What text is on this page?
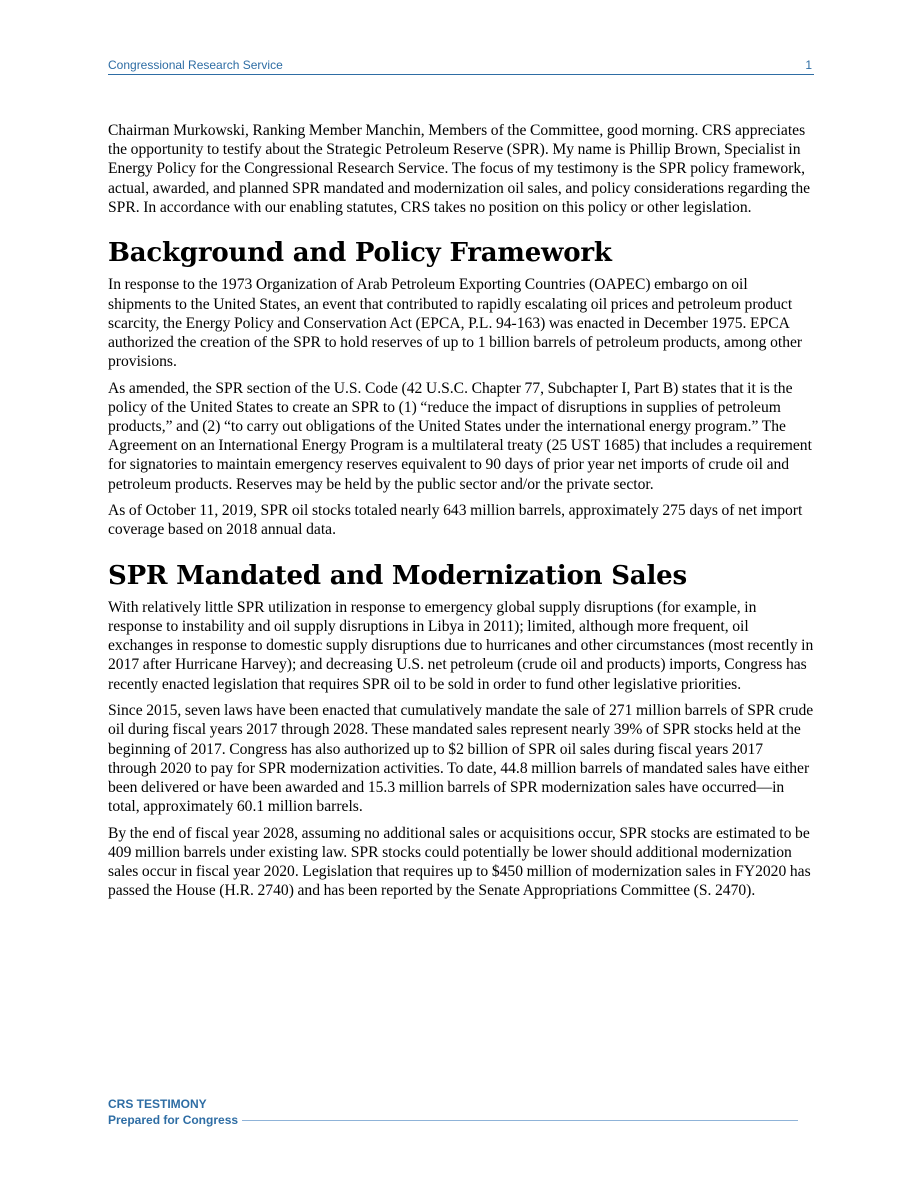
Congressional Research Service	1

Chairman Murkowski, Ranking Member Manchin, Members of the Committee, good morning. CRS appreciates the opportunity to testify about the Strategic Petroleum Reserve (SPR). My name is Phillip Brown, Specialist in Energy Policy for the Congressional Research Service. The focus of my testimony is the SPR policy framework, actual, awarded, and planned SPR mandated and modernization oil sales, and policy considerations regarding the SPR. In accordance with our enabling statutes, CRS takes no position on this policy or other legislation.

Background and Policy Framework

In response to the 1973 Organization of Arab Petroleum Exporting Countries (OAPEC) embargo on oil shipments to the United States, an event that contributed to rapidly escalating oil prices and petroleum product scarcity, the Energy Policy and Conservation Act (EPCA, P.L. 94-163) was enacted in December 1975. EPCA authorized the creation of the SPR to hold reserves of up to 1 billion barrels of petroleum products, among other provisions.

As amended, the SPR section of the U.S. Code (42 U.S.C. Chapter 77, Subchapter I, Part B) states that it is the policy of the United States to create an SPR to (1) “reduce the impact of disruptions in supplies of petroleum products,” and (2) “to carry out obligations of the United States under the international energy program.” The Agreement on an International Energy Program is a multilateral treaty (25 UST 1685) that includes a requirement for signatories to maintain emergency reserves equivalent to 90 days of prior year net imports of crude oil and petroleum products. Reserves may be held by the public sector and/or the private sector.

As of October 11, 2019, SPR oil stocks totaled nearly 643 million barrels, approximately 275 days of net import coverage based on 2018 annual data.

SPR Mandated and Modernization Sales

With relatively little SPR utilization in response to emergency global supply disruptions (for example, in response to instability and oil supply disruptions in Libya in 2011); limited, although more frequent, oil exchanges in response to domestic supply disruptions due to hurricanes and other circumstances (most recently in 2017 after Hurricane Harvey); and decreasing U.S. net petroleum (crude oil and products) imports, Congress has recently enacted legislation that requires SPR oil to be sold in order to fund other legislative priorities.

Since 2015, seven laws have been enacted that cumulatively mandate the sale of 271 million barrels of SPR crude oil during fiscal years 2017 through 2028. These mandated sales represent nearly 39% of SPR stocks held at the beginning of 2017. Congress has also authorized up to $2 billion of SPR oil sales during fiscal years 2017 through 2020 to pay for SPR modernization activities. To date, 44.8 million barrels of mandated sales have either been delivered or have been awarded and 15.3 million barrels of SPR modernization sales have occurred—in total, approximately 60.1 million barrels.

By the end of fiscal year 2028, assuming no additional sales or acquisitions occur, SPR stocks are estimated to be 409 million barrels under existing law. SPR stocks could potentially be lower should additional modernization sales occur in fiscal year 2020. Legislation that requires up to $450 million of modernization sales in FY2020 has passed the House (H.R. 2740) and has been reported by the Senate Appropriations Committee (S. 2470).

CRS TESTIMONY
Prepared for Congress
